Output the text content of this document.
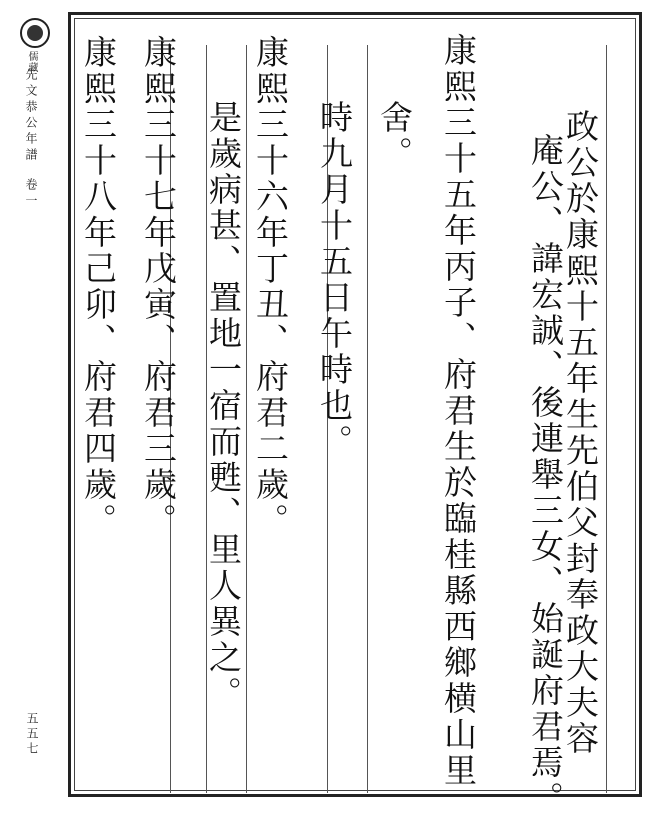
儒藏
先文恭公年譜卷一
五五七	政公於康熙十五年生先伯父封奉政大夫容
庵公、諱宏誠、後連舉三女、始誕府君焉。
康熙三十五年丙子、府君生於臨桂縣西鄉横山里
舍。
時九月十五日午時也。
康熙三十六年丁丑、府君二歲。
是歲病甚、置地一宿而甦、里人異之。
康熙三十七年戊寅、府君三歲。
康熙三十八年己卯、府君四歲。
